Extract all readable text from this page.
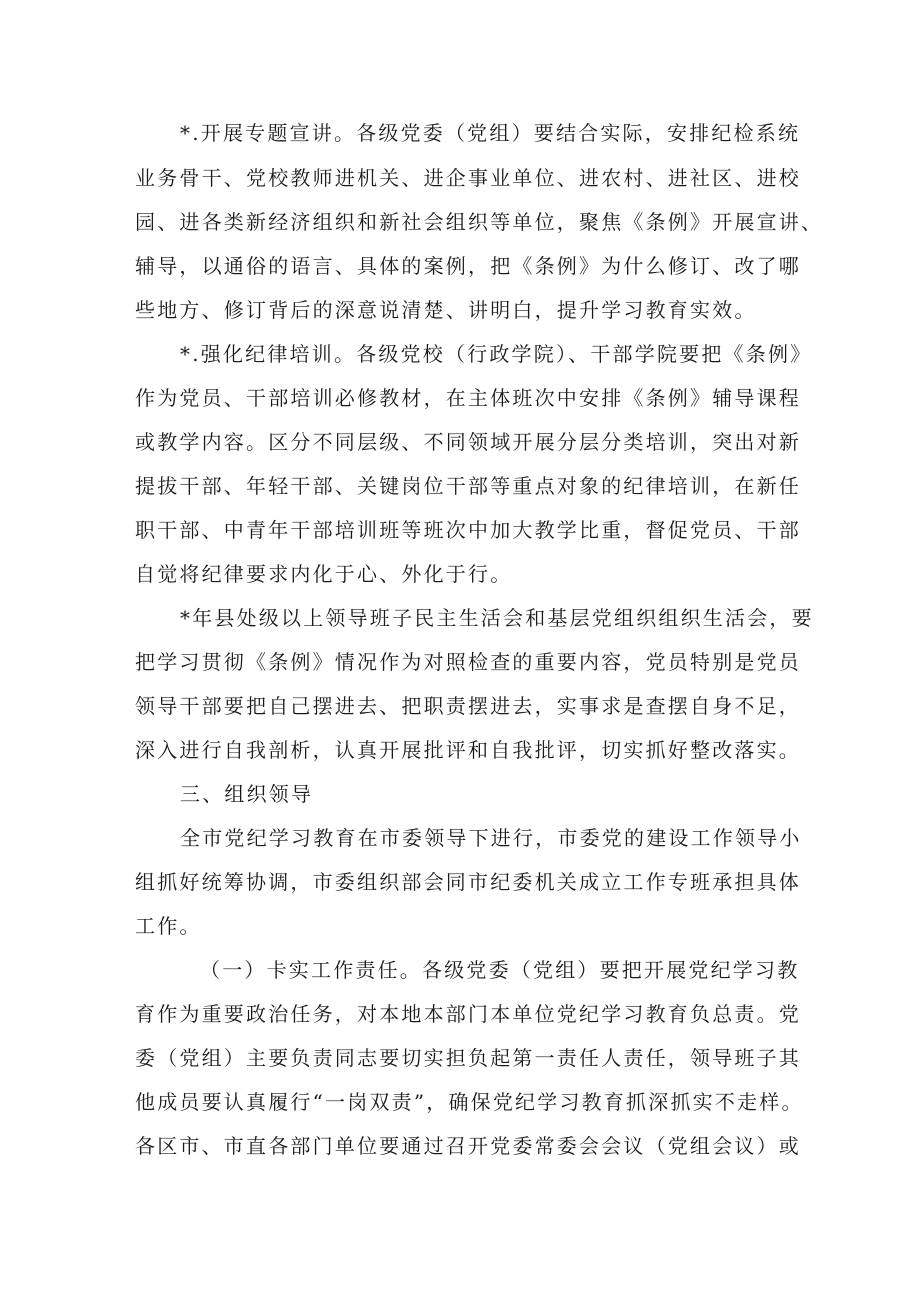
*.开展专题宣讲。各级党委（党组）要结合实际，安排纪检系统
业务骨干、党校教师进机关、进企事业单位、进农村、进社区、进校
园、进各类新经济组织和新社会组织等单位，聚焦《条例》开展宣讲、
辅导，以通俗的语言、具体的案例，把《条例》为什么修订、改了哪
些地方、修订背后的深意说清楚、讲明白，提升学习教育实效。
*.强化纪律培训。各级党校（行政学院）、干部学院要把《条例》
作为党员、干部培训必修教材，在主体班次中安排《条例》辅导课程
或教学内容。区分不同层级、不同领域开展分层分类培训，突出对新
提拔干部、年轻干部、关键岗位干部等重点对象的纪律培训，在新任
职干部、中青年干部培训班等班次中加大教学比重，督促党员、干部
自觉将纪律要求内化于心、外化于行。
*年县处级以上领导班子民主生活会和基层党组织组织生活会，要
把学习贯彻《条例》情况作为对照检查的重要内容，党员特别是党员
领导干部要把自己摆进去、把职责摆进去，实事求是查摆自身不足，
深入进行自我剖析，认真开展批评和自我批评，切实抓好整改落实。
三、组织领导
全市党纪学习教育在市委领导下进行，市委党的建设工作领导小
组抓好统筹协调，市委组织部会同市纪委机关成立工作专班承担具体
工作。
（一）卡实工作责任。各级党委（党组）要把开展党纪学习教
育作为重要政治任务，对本地本部门本单位党纪学习教育负总责。党
委（党组）主要负责同志要切实担负起第一责任人责任，领导班子其
他成员要认真履行“一岗双责”，确保党纪学习教育抓深抓实不走样。
各区市、市直各部门单位要通过召开党委常委会会议（党组会议）或
